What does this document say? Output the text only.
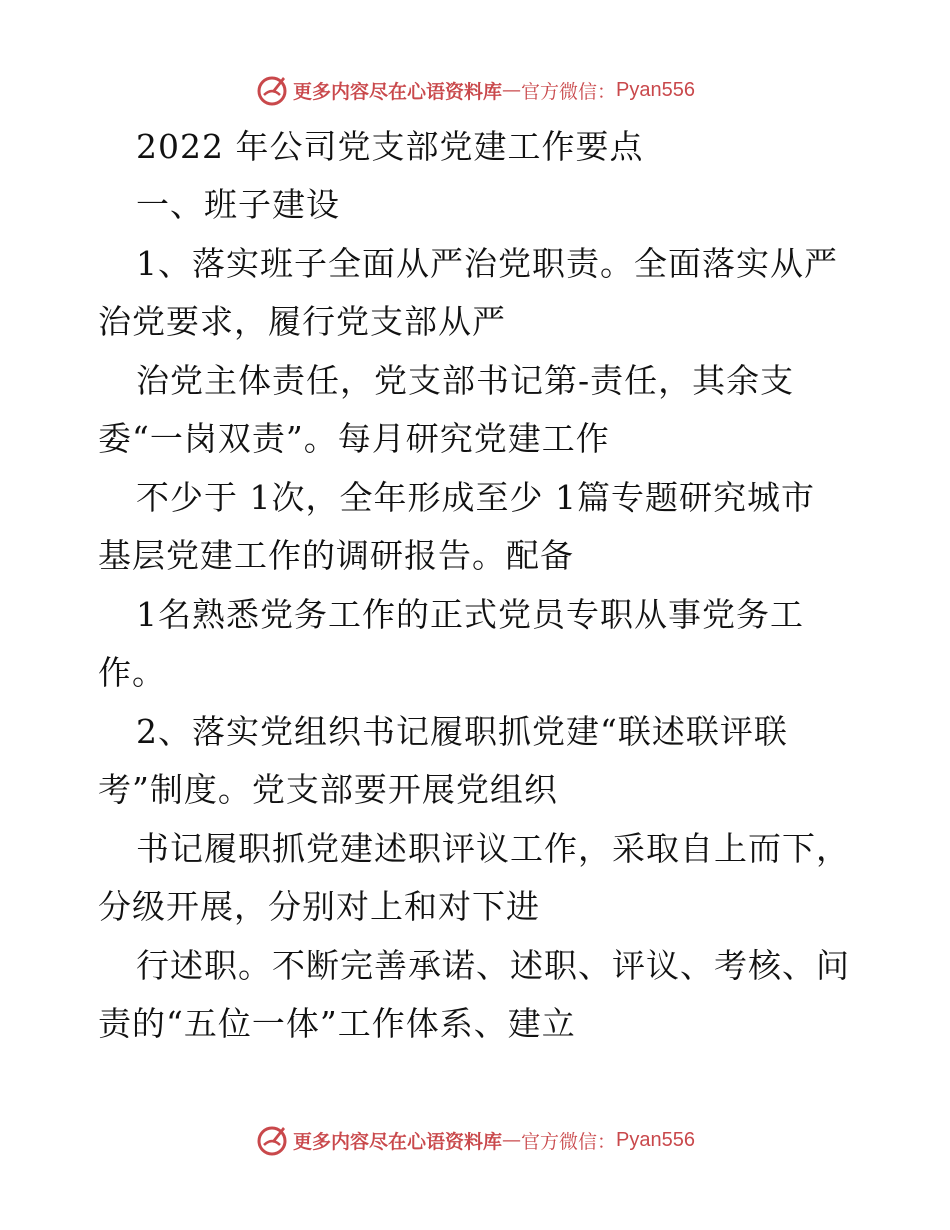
更多内容尽在心语资料库 — 官方微信： Pyan556
2022 年公司党支部党建工作要点
一、班子建设
1、落实班子全面从严治党职责。全面落实从严
治党要求，履行党支部从严
治党主体责任，党支部书记第-责任，其余支
委“一岗双责”。每月研究党建工作
不少于 1次，全年形成至少 1篇专题研究城市
基层党建工作的调研报告。配备
1名熟悉党务工作的正式党员专职从事党务工
作。
2、落实党组织书记履职抓党建“联述联评联
考”制度。党支部要开展党组织
书记履职抓党建述职评议工作，采取自上而下，
分级开展，分别对上和对下进
行述职。不断完善承诺、述职、评议、考核、问
责的“五位一体”工作体系、建立
更多内容尽在心语资料库 — 官方微信： Pyan556
